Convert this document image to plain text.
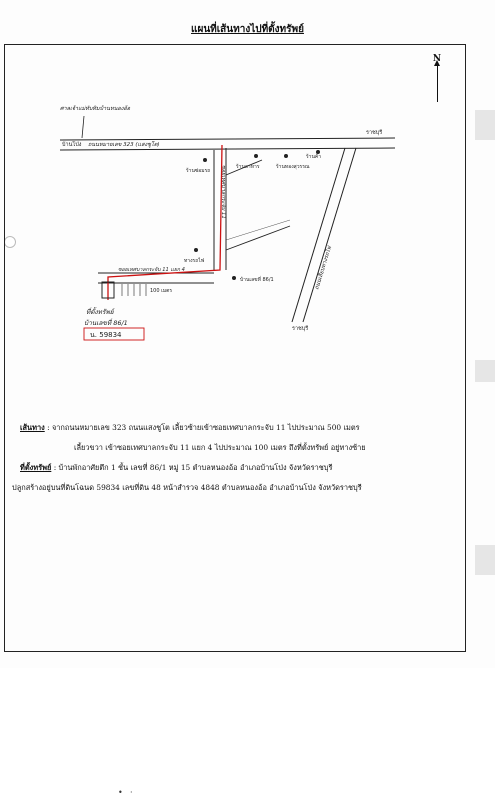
แผนที่เส้นทางไปที่ตั้งทรัพย์
N
ถนนหมายเลข 323 (แสงชูโต)
บ้านโป่ง
ราชบุรี
ศาลเจ้าแม่ทับทิมบ้านหนองอ้อ
ซอยเทศบาลกระจับ 11
ซอยเทศบาลกระจับ 11 แยก 4
100 เมตร
ที่ตั้งทรัพย์
บ้านเลขที่ 86/1
น. 59834
ร้านซ่อมรถ
ร้านอาหาร	ร้านทองสุวรรณ
ร้านค้า
ทางรถไฟ
บ้านเลขที่ 86/1	ถนนเลียบทางรถไฟ
ราชบุรี
เส้นทาง : จากถนนหมายเลข 323 ถนนแสงชูโต เลี้ยวซ้ายเข้าซอยเทศบาลกระจับ 11 ไปประมาณ 500 เมตร
เลี้ยวขวา เข้าซอยเทศบาลกระจับ 11 แยก 4 ไปประมาณ 100 เมตร ถึงที่ตั้งทรัพย์ อยู่ทางซ้าย
ที่ตั้งทรัพย์ : บ้านพักอาศัยตึก 1 ชั้น เลขที่ 86/1 หมู่ 15 ตำบลหนองอ้อ อำเภอบ้านโป่ง จังหวัดราชบุรี
ปลูกสร้างอยู่บนที่ดินโฉนด 59834 เลขที่ดิน 48 หน้าสำรวจ 4848 ตำบลหนองอ้อ อำเภอบ้านโป่ง จังหวัดราชบุรี
• ·
